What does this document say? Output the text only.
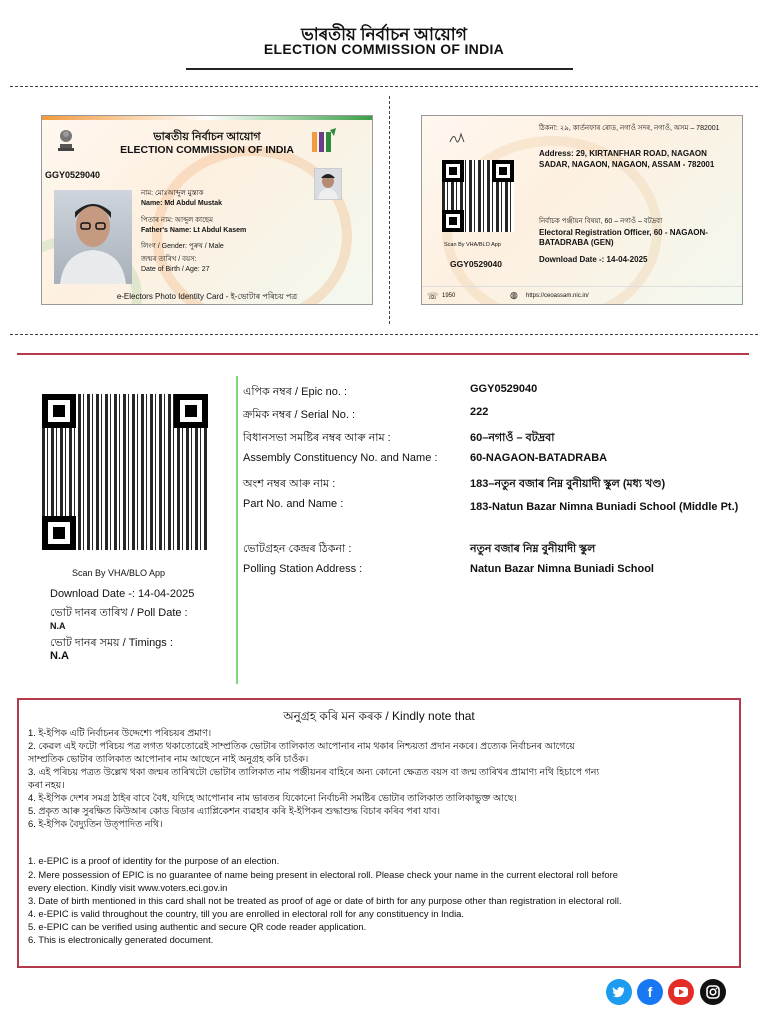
ভাৰতীয় নিৰ্বাচন আয়োগ
ELECTION COMMISSION OF INDIA
ভাৰতীয় নিৰ্বাচন আয়োগ
ELECTION COMMISSION OF INDIA
GGY0529040
নাম: মোঃআব্দুল মুস্তাক
Name: Md Abdul Mustak
পিতাৰ নাম: আব্দুল কাছেম
Father's Name: Lt Abdul Kasem
লিংগ / Gender: পুৰুষ / Male
জন্মৰ তাৰিখ / বয়স:
Date of Birth / Age: 27
e-Electors Photo Identity Card - ই-ভোটাৰ পৰিচয় পত্ৰ
Scan By VHA/BLO App
GGY0529040
ঠিকনা: ২৯, কাৰ্তনফাৰ ৰোড, নগাওঁ সদৰ, নগাওঁ, অসম – 782001
Address: 29, KIRTANFHAR ROAD, NAGAON SADAR, NAGAON, NAGAON, ASSAM - 782001
নিৰ্বাচক পঞ্জীয়ন বিষয়া, 60 – নগাওঁ – বটদ্ৰবা
Electoral Registration Officer, 60 - NAGAON-BATADRABA (GEN)
Download Date -: 14-04-2025
☏ 1950	◍ https://ceoassam.nic.in/
Scan By VHA/BLO App
Download Date -: 14-04-2025
ভোট দানৰ তাৰিখ / Poll Date :
N.A
ভোট দানৰ সময় / Timings :
N.A
এপিক নম্বৰ / Epic no. :	GGY0529040
ক্ৰমিক নম্বৰ / Serial No. :	222
বিধানসভা সমষ্টিৰ নম্বৰ আৰু নাম :	60–নগাওঁ – বটদ্ৰবা
Assembly Constituency No. and Name :	60-NAGAON-BATADRABA
অংশ নম্বৰ আৰু নাম :	183–নতুন বজাৰ নিম্ন বুনীয়াদী স্কুল (মধ্য খণ্ড)
Part No. and Name :	183-Natun Bazar Nimna Buniadi School (Middle Pt.)
ভোটগ্ৰহন কেন্দ্ৰৰ ঠিকনা :	নতুন বজাৰ নিম্ন বুনীয়াদী স্কুল
Polling Station Address :	Natun Bazar Nimna Buniadi School
অনুগ্ৰহ কৰি মন কৰক / Kindly note that
1. ই-ইপিক এটি নিৰ্বাচনৰ উদ্দেশ্যে পৰিচয়ৰ প্ৰমাণ।
2. কেৱল এই ফটো পৰিচয় পত্ৰ লগত থকাতোৱেই সাম্প্ৰতিক ভোটাৰ তালিকাত আপোনাৰ নাম থকাৰ নিশ্চয়তা প্ৰদান নকৰে। প্ৰত্যেক নিৰ্বাচনৰ আগেয়ে
সাম্প্ৰতিক ভোটাৰ তালিকাত আপোনাৰ নাম আছেনে নাই অনুগ্ৰহ কৰি চাওঁক।
3. এই পৰিচয় পত্ৰত উল্লেখ থকা জন্মৰ তাৰিখটো ভোটাৰ তালিকাত নাম পঞ্জীয়নৰ বাহিৰে অন্য কোনো ক্ষেত্ৰত বয়স বা জন্ম তাৰিখৰ প্ৰামাণ্য নথি হিচাপে গন্য
কৰা নহয়।
4. ই-ইপিক দেশৰ সমগ্ৰ ঠাইৰ বাবে বৈধ, যদিহে আপোনাৰ নাম ভাৰতৰ যিকোনো নিৰ্বাচনী সমষ্টিৰ ভোটাৰ তালিকাত তালিকাভুক্ত আছে।
5. প্ৰকৃত আৰু সুৰক্ষিত কিউআৰ কোড ৰিডাৰ এ্যাপ্লিকেশন ব্যৱহাৰ কৰি ই-ইপিকৰ শুদ্ধাশুদ্ধ বিচাৰ কৰিব পৰা যাব।
6. ই-ইপিক বৈদ্যুতিন উত্পাদিত নথি।
1. e-EPIC is a proof of identity for the purpose of an election.
2. Mere possession of EPIC is no guarantee of name being present in electoral roll. Please check your name in the current electoral roll before
every election. Kindly visit www.voters.eci.gov.in
3. Date of birth mentioned in this card shall not be treated as proof of age or date of birth for any purpose other than registration in electoral roll.
4. e-EPIC is valid throughout the country, till you are enrolled in electoral roll for any constituency in India.
5. e-EPIC can be verified using authentic and secure QR code reader application.
6. This is electronically generated document.
f
